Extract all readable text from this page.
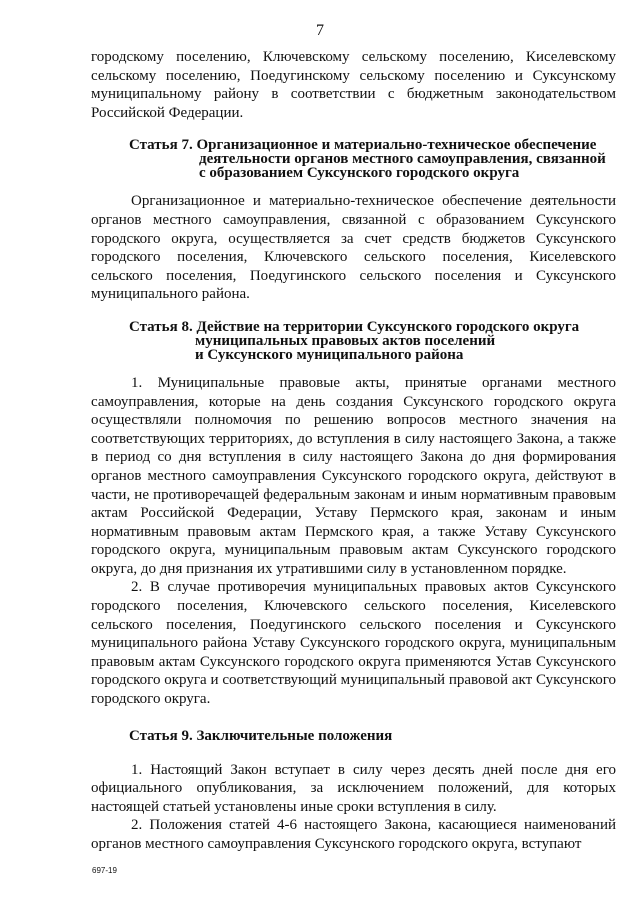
7

городскому поселению, Ключевскому сельскому поселению, Киселевскому сельскому поселению, Поедугинскому сельскому поселению и Суксунскому муниципальному району в соответствии с бюджетным законодательством Российской Федерации.

Статья 7. Организационное и материально-техническое обеспечение
деятельности органов местного самоуправления, связанной
с образованием Суксунского городского округа

Организационное и материально-техническое обеспечение деятельности органов местного самоуправления, связанной с образованием Суксунского городского округа, осуществляется за счет средств бюджетов Суксунского городского поселения, Ключевского сельского поселения, Киселевского сельского поселения, Поедугинского сельского поселения и Суксунского муниципального района.

Статья 8. Действие на территории Суксунского городского округа
муниципальных правовых актов поселений
и Суксунского муниципального района

1. Муниципальные правовые акты, принятые органами местного самоуправления, которые на день создания Суксунского городского округа осуществляли полномочия по решению вопросов местного значения на соответствующих территориях, до вступления в силу настоящего Закона, а также в период со дня вступления в силу настоящего Закона до дня формирования органов местного самоуправления Суксунского городского округа, действуют в части, не противоречащей федеральным законам и иным нормативным правовым актам Российской Федерации, Уставу Пермского края, законам и иным нормативным правовым актам Пермского края, а также Уставу Суксунского городского округа, муниципальным правовым актам Суксунского городского округа, до дня признания их утратившими силу в установленном порядке.

2. В случае противоречия муниципальных правовых актов Суксунского городского поселения, Ключевского сельского поселения, Киселевского сельского поселения, Поедугинского сельского поселения и Суксунского муниципального района Уставу Суксунского городского округа, муниципальным правовым актам Суксунского городского округа применяются Устав Суксунского городского округа и соответствующий муниципальный правовой акт Суксунского городского округа.

Статья 9. Заключительные положения

1. Настоящий Закон вступает в силу через десять дней после дня его официального опубликования, за исключением положений, для которых настоящей статьей установлены иные сроки вступления в силу.

2. Положения статей 4-6 настоящего Закона, касающиеся наименований органов местного самоуправления Суксунского городского округа, вступают

697-19
